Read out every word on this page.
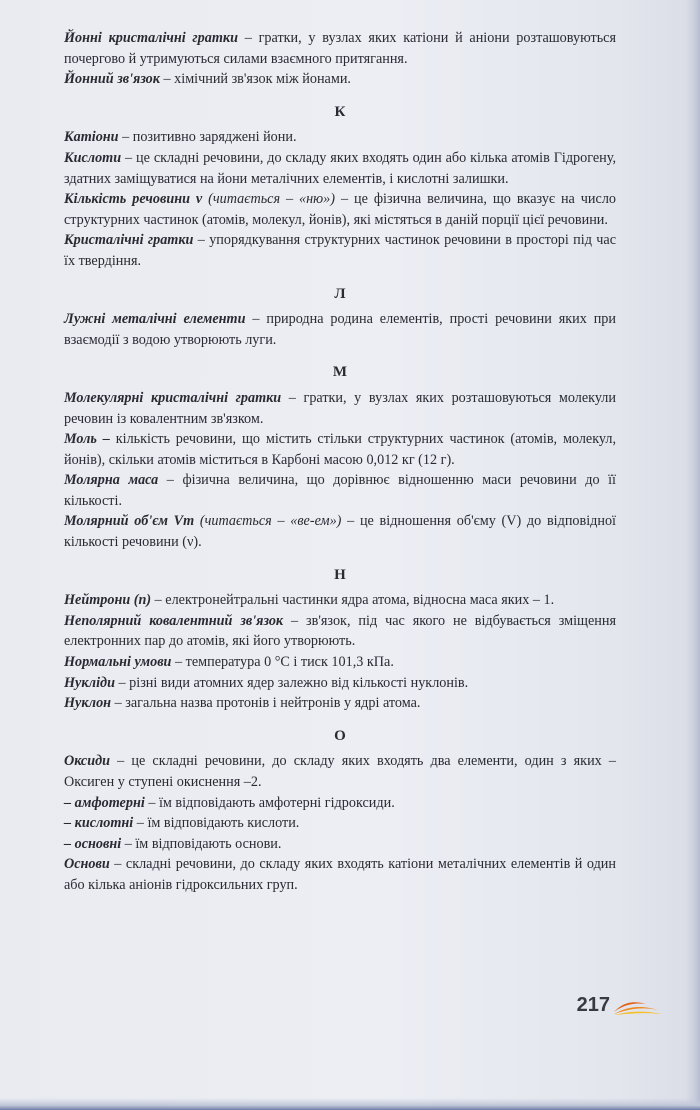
Йонні кристалічні гратки – гратки, у вузлах яких катіони й аніони розташовуються почергово й утримуються силами взаємного притягання.

Йонний зв'язок – хімічний зв'язок між йонами.

К

Катіони – позитивно заряджені йони.

Кислоти – це складні речовини, до складу яких входять один або кілька атомів Гідрогену, здатних заміщуватися на йони металічних елементів, і кислотні залишки.

Кількість речовини ν (читається – «ню») – це фізична величина, що вказує на число структурних частинок (атомів, молекул, йонів), які містяться в даній порції цієї речовини.

Кристалічні гратки – упорядкування структурних частинок речовини в просторі під час їх твердіння.

Л

Лужні металічні елементи – природна родина елементів, прості речовини яких при взаємодії з водою утворюють луги.

М

Молекулярні кристалічні гратки – гратки, у вузлах яких розташовуються молекули речовин із ковалентним зв'язком.

Моль – кількість речовини, що містить стільки структурних частинок (атомів, молекул, йонів), скільки атомів міститься в Карбоні масою 0,012 кг (12 г).

Молярна маса – фізична величина, що дорівнює відношенню маси речовини до її кількості.

Молярний об'єм Vm (читається – «ве-ем») – це відношення об'єму (V) до відповідної кількості речовини (ν).

Н

Нейтрони (n) – електронейтральні частинки ядра атома, відносна маса яких – 1.

Неполярний ковалентний зв'язок – зв'язок, під час якого не відбувається зміщення електронних пар до атомів, які його утворюють.

Нормальні умови – температура 0 °С і тиск 101,3 кПа.

Нукліди – різні види атомних ядер залежно від кількості нуклонів.

Нуклон – загальна назва протонів і нейтронів у ядрі атома.

О

Оксиди – це складні речовини, до складу яких входять два елементи, один з яких – Оксиген у ступені окиснення –2.

– амфотерні – їм відповідають амфотерні гідроксиди.

– кислотні – їм відповідають кислоти.

– основні – їм відповідають основи.

Основи – складні речовини, до складу яких входять катіони металічних елементів й один або кілька аніонів гідроксильних груп.

217
